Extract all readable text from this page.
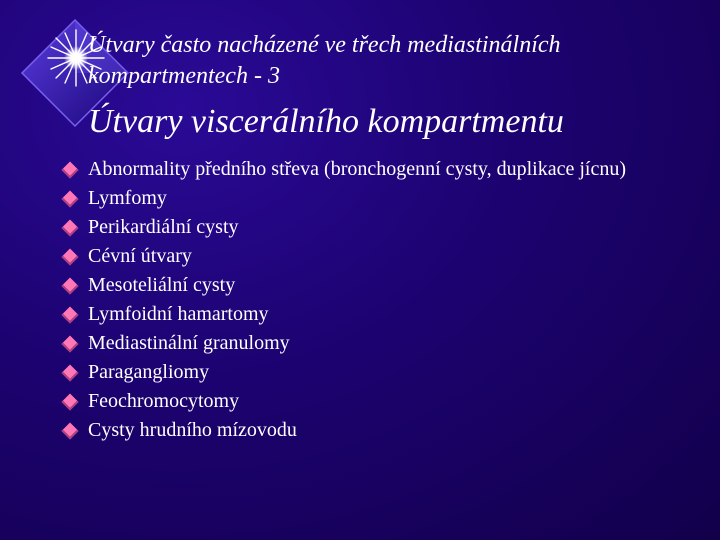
Útvary často nacházené ve třech mediastinálních kompartmentech - 3
Útvary viscerálního kompartmentu
Abnormality předního střeva (bronchogenní cysty, duplikace jícnu)
Lymfomy
Perikardiální cysty
Cévní útvary
Mesoteliální cysty
Lymfoidní hamartomy
Mediastinální granulomy
Paragangliomy
Feochromocytomy
Cysty hrudního mízovodu
